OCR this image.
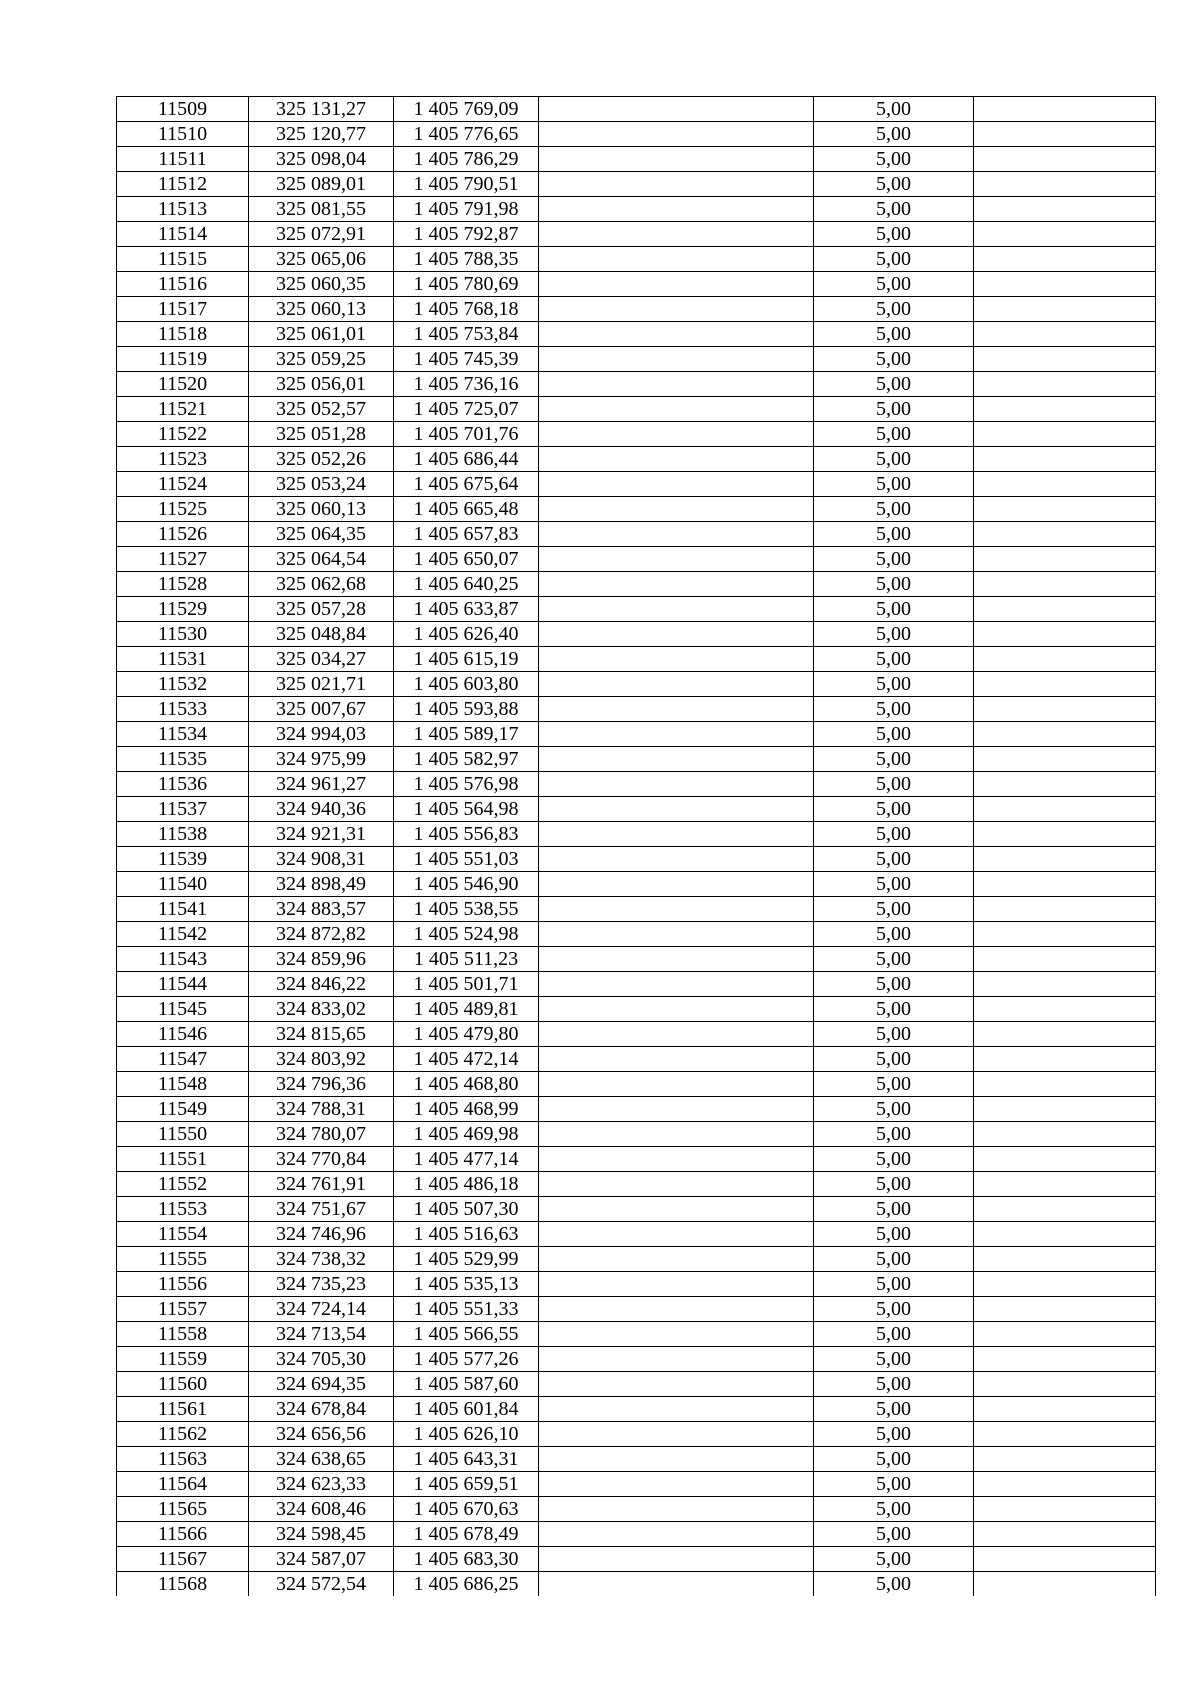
11509	325 131,27	1 405 769,09		5,00	
11510	325 120,77	1 405 776,65		5,00	
11511	325 098,04	1 405 786,29		5,00	
11512	325 089,01	1 405 790,51		5,00	
11513	325 081,55	1 405 791,98		5,00	
11514	325 072,91	1 405 792,87		5,00	
11515	325 065,06	1 405 788,35		5,00	
11516	325 060,35	1 405 780,69		5,00	
11517	325 060,13	1 405 768,18		5,00	
11518	325 061,01	1 405 753,84		5,00	
11519	325 059,25	1 405 745,39		5,00	
11520	325 056,01	1 405 736,16		5,00	
11521	325 052,57	1 405 725,07		5,00	
11522	325 051,28	1 405 701,76		5,00	
11523	325 052,26	1 405 686,44		5,00	
11524	325 053,24	1 405 675,64		5,00	
11525	325 060,13	1 405 665,48		5,00	
11526	325 064,35	1 405 657,83		5,00	
11527	325 064,54	1 405 650,07		5,00	
11528	325 062,68	1 405 640,25		5,00	
11529	325 057,28	1 405 633,87		5,00	
11530	325 048,84	1 405 626,40		5,00	
11531	325 034,27	1 405 615,19		5,00	
11532	325 021,71	1 405 603,80		5,00	
11533	325 007,67	1 405 593,88		5,00	
11534	324 994,03	1 405 589,17		5,00	
11535	324 975,99	1 405 582,97		5,00	
11536	324 961,27	1 405 576,98		5,00	
11537	324 940,36	1 405 564,98		5,00	
11538	324 921,31	1 405 556,83		5,00	
11539	324 908,31	1 405 551,03		5,00	
11540	324 898,49	1 405 546,90		5,00	
11541	324 883,57	1 405 538,55		5,00	
11542	324 872,82	1 405 524,98		5,00	
11543	324 859,96	1 405 511,23		5,00	
11544	324 846,22	1 405 501,71		5,00	
11545	324 833,02	1 405 489,81		5,00	
11546	324 815,65	1 405 479,80		5,00	
11547	324 803,92	1 405 472,14		5,00	
11548	324 796,36	1 405 468,80		5,00	
11549	324 788,31	1 405 468,99		5,00	
11550	324 780,07	1 405 469,98		5,00	
11551	324 770,84	1 405 477,14		5,00	
11552	324 761,91	1 405 486,18		5,00	
11553	324 751,67	1 405 507,30		5,00	
11554	324 746,96	1 405 516,63		5,00	
11555	324 738,32	1 405 529,99		5,00	
11556	324 735,23	1 405 535,13		5,00	
11557	324 724,14	1 405 551,33		5,00	
11558	324 713,54	1 405 566,55		5,00	
11559	324 705,30	1 405 577,26		5,00	
11560	324 694,35	1 405 587,60		5,00	
11561	324 678,84	1 405 601,84		5,00	
11562	324 656,56	1 405 626,10		5,00	
11563	324 638,65	1 405 643,31		5,00	
11564	324 623,33	1 405 659,51		5,00	
11565	324 608,46	1 405 670,63		5,00	
11566	324 598,45	1 405 678,49		5,00	
11567	324 587,07	1 405 683,30		5,00	
11568	324 572,54	1 405 686,25		5,00	
